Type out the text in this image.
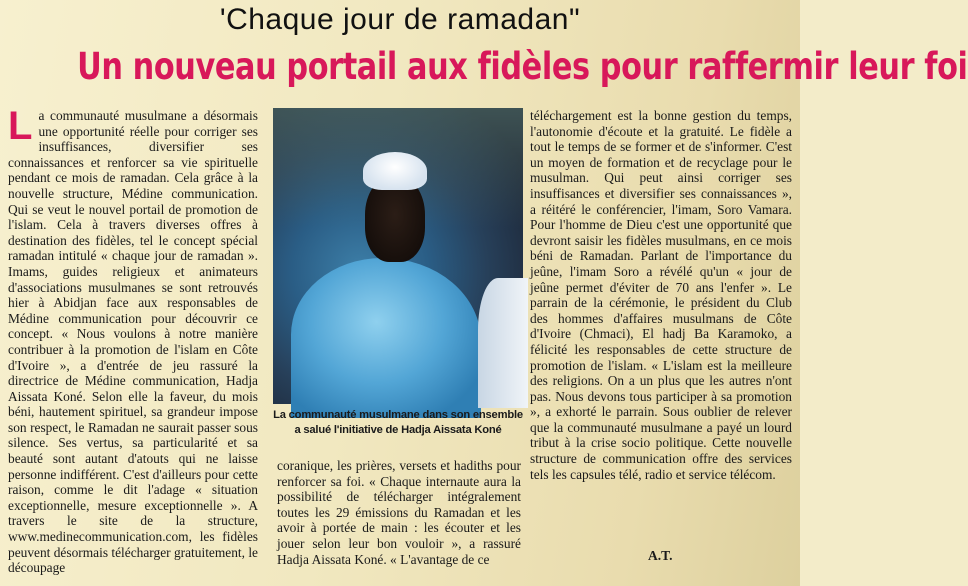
'Chaque jour de ramadan"
Un nouveau portail aux fidèles pour raffermir leur foi
La communauté musulmane a désormais une opportunité réelle pour corriger ses insuffisances, diversifier ses connaissances et renforcer sa vie spirituelle pendant ce mois de ramadan. Cela grâce à la nouvelle structure, Médine communication. Qui se veut le nouvel portail de promotion de l'islam. Cela à travers diverses offres à destination des fidèles, tel le concept spécial ramadan intitulé « chaque jour de ramadan ». Imams, guides religieux et animateurs d'associations musulmanes se sont retrouvés hier à Abidjan face aux responsables de Médine communication pour découvrir ce concept. « Nous voulons à notre manière contribuer à la promotion de l'islam en Côte d'Ivoire », a d'entrée de jeu rassuré la directrice de Médine communication, Hadja Aissata Koné. Selon elle la faveur, du mois béni, hautement spirituel, sa grandeur impose son respect, le Ramadan ne saurait passer sous silence. Ses vertus, sa particularité et sa beauté sont autant d'atouts qui ne laisse personne indifférent. C'est d'ailleurs pour cette raison, comme le dit l'adage « situation exceptionnelle, mesure exceptionnelle ». A travers le site de la structure, www.medinecommunication.com, les fidèles peuvent désormais télécharger gratuitement, le découpage
La communauté musulmane dans son ensemble a salué l'initiative de Hadja Aissata Koné
coranique, les prières, versets et hadiths pour renforcer sa foi. « Chaque internaute aura la possibilité de télécharger intégralement toutes les 29 émissions du Ramadan et les avoir à portée de main : les écouter et les jouer selon leur bon vouloir », a rassuré Hadja Aissata Koné. « L'avantage de ce
téléchargement est la bonne gestion du temps, l'autonomie d'écoute et la gratuité. Le fidèle a tout le temps de se former et de s'informer. C'est un moyen de formation et de recyclage pour le musulman. Qui peut ainsi corriger ses insuffisances et diversifier ses connaissances », a réitéré le conférencier, l'imam, Soro Vamara. Pour l'homme de Dieu c'est une opportunité que devront saisir les fidèles musulmans, en ce mois béni de Ramadan. Parlant de l'importance du jeûne, l'imam Soro a révélé qu'un « jour de jeûne permet d'éviter de 70 ans l'enfer ». Le parrain de la cérémonie, le président du Club des hommes d'affaires musulmans de Côte d'Ivoire (Chmaci), El hadj Ba Karamoko, a félicité les responsables de cette structure de promotion de l'islam. « L'islam est la meilleure des religions. On a un plus que les autres n'ont pas. Nous devons tous participer à sa promotion », a exhorté le parrain. Sous oublier de relever que la communauté musulmane a payé un lourd tribut à la crise socio politique. Cette nouvelle structure de communication offre des services tels les capsules télé, radio et service télécom.
A.T.
